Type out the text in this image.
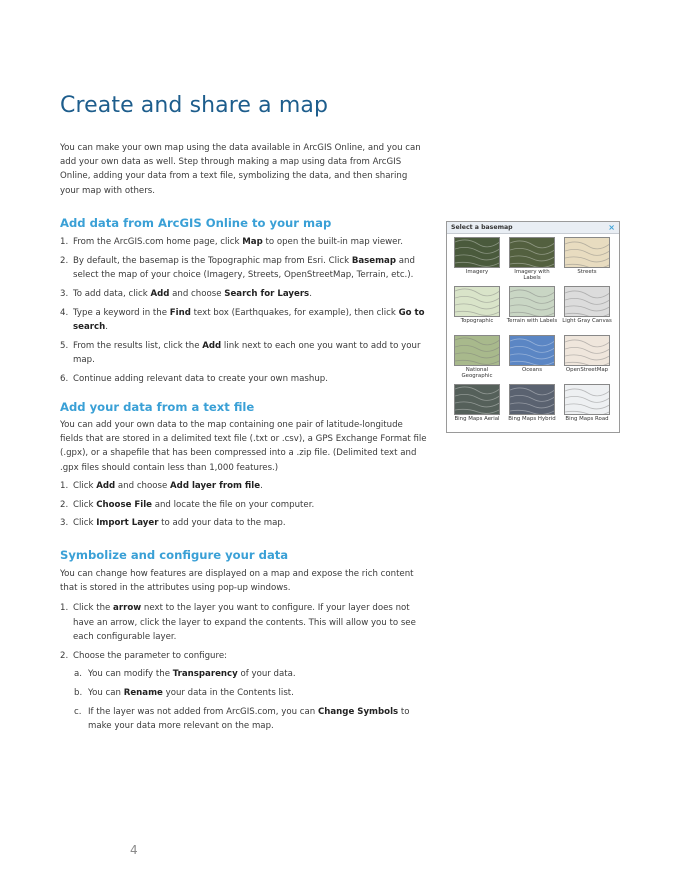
Create and share a map
You can make your own map using the data available in ArcGIS Online, and you can add your own data as well. Step through making a map using data from ArcGIS Online, adding your data from a text file, symbolizing the data, and then sharing your map with others.
Add data from ArcGIS Online to your map
1. From the ArcGIS.com home page, click Map to open the built-in map viewer.
2. By default, the basemap is the Topographic map from Esri. Click Basemap and select the map of your choice (Imagery, Streets, OpenStreetMap, Terrain, etc.).
3. To add data, click Add and choose Search for Layers.
4. Type a keyword in the Find text box (Earthquakes, for example), then click Go to search.
5. From the results list, click the Add link next to each one you want to add to your map.
6. Continue adding relevant data to create your own mashup.
Add your data from a text file

You can add your own data to the map containing one pair of latitude-longitude fields that are stored in a delimited text file (.txt or .csv), a GPS Exchange Format file (.gpx), or a shapefile that has been compressed into a .zip file. (Delimited text and .gpx files should contain less than 1,000 features.)

1. Click Add and choose Add layer from file.
2. Click Choose File and locate the file on your computer.
3. Click Import Layer to add your data to the map.
Symbolize and configure your data

You can change how features are displayed on a map and expose the rich content that is stored in the attributes using pop-up windows.

1. Click the arrow next to the layer you want to configure. If your layer does not have an arrow, click the layer to expand the contents. This will allow you to see each configurable layer.
2. Choose the parameter to configure:
a. You can modify the Transparency of your data.
b. You can Rename your data in the Contents list.
c. If the layer was not added from ArcGIS.com, you can Change Symbols to make your data more relevant on the map.
Select a basemap	×
Imagery	Imagery with Labels
Streets
Topographic	Terrain with Labels Light Gray Canvas
National Geographic
Oceans	OpenStreetMap
Bing Maps Aerial	Bing Maps Hybrid	Bing Maps Road
4
